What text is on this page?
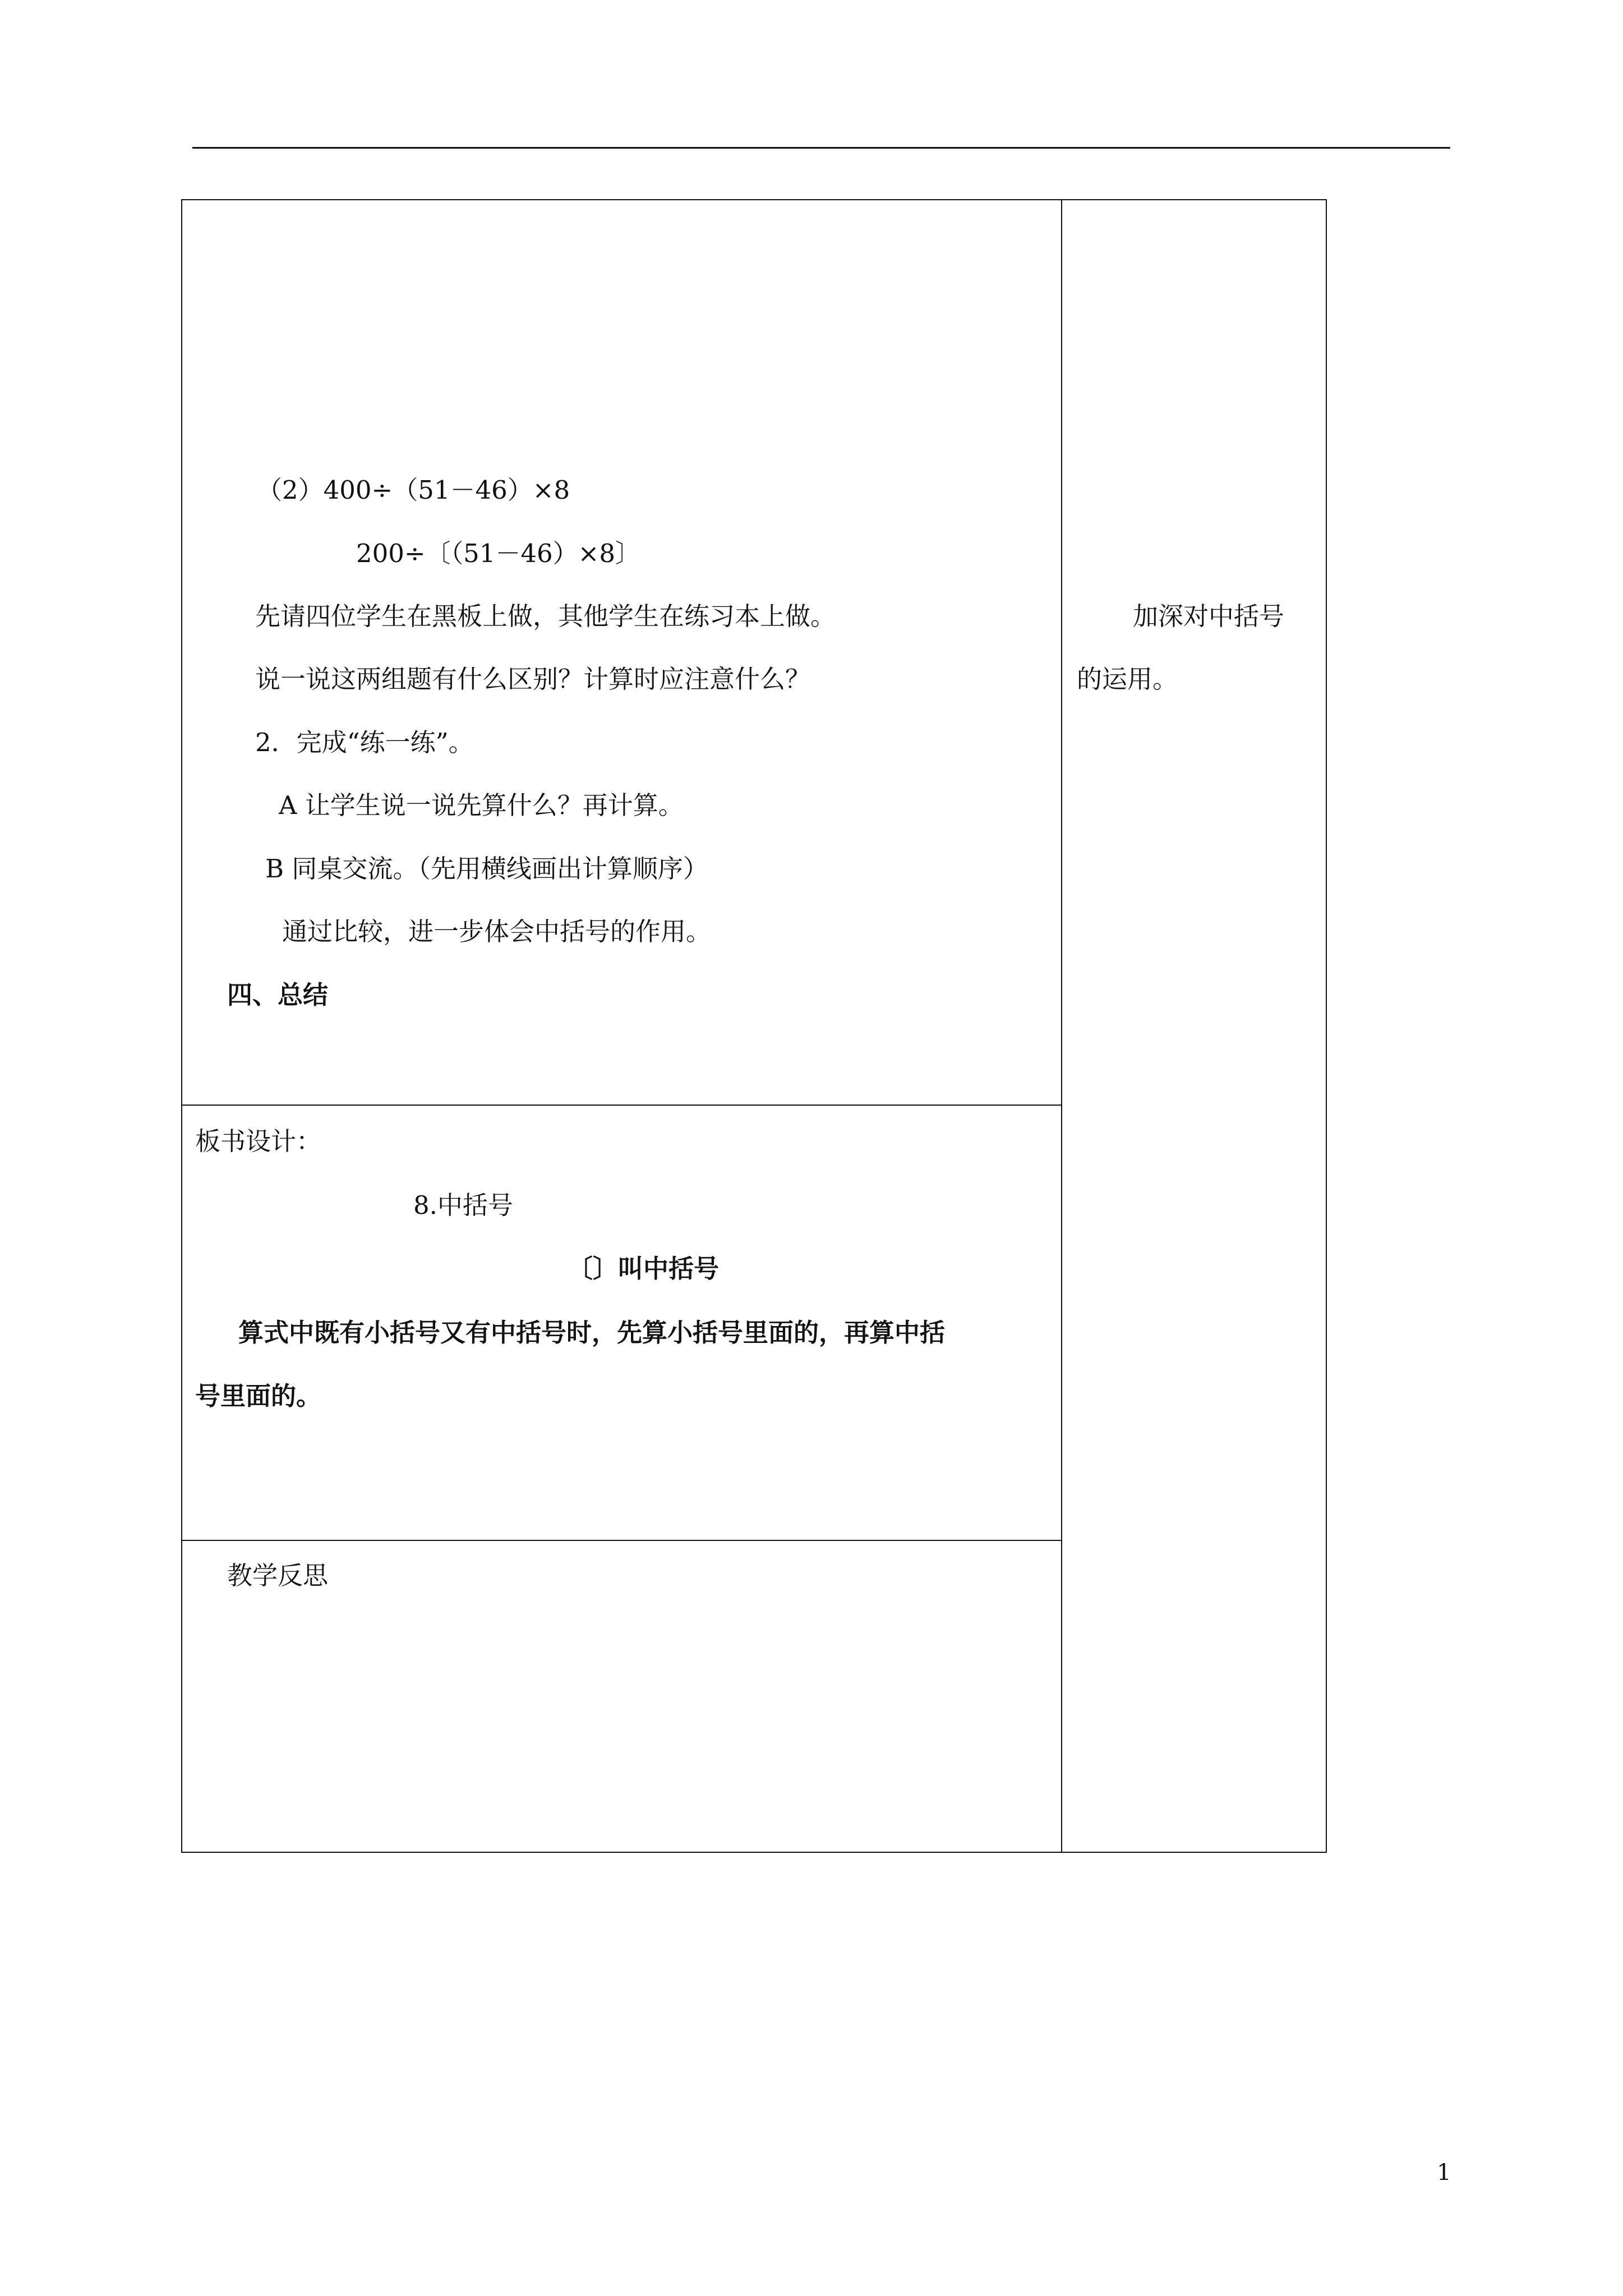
（2）400÷（51－46）×8
200÷〔（51－46）×8〕
先请四位学生在黑板上做，其他学生在练习本上做。
说一说这两组题有什么区别？计算时应注意什么？
2．完成“练一练”。
A 让学生说一说先算什么？再计算。
B 同桌交流。（先用横线画出计算顺序）
通过比较，进一步体会中括号的作用。
四、总结
加深对中括号
的运用。
板书设计：
8.中括号
〔〕叫中括号
算式中既有小括号又有中括号时，先算小括号里面的，再算中括
号里面的。
教学反思
1
